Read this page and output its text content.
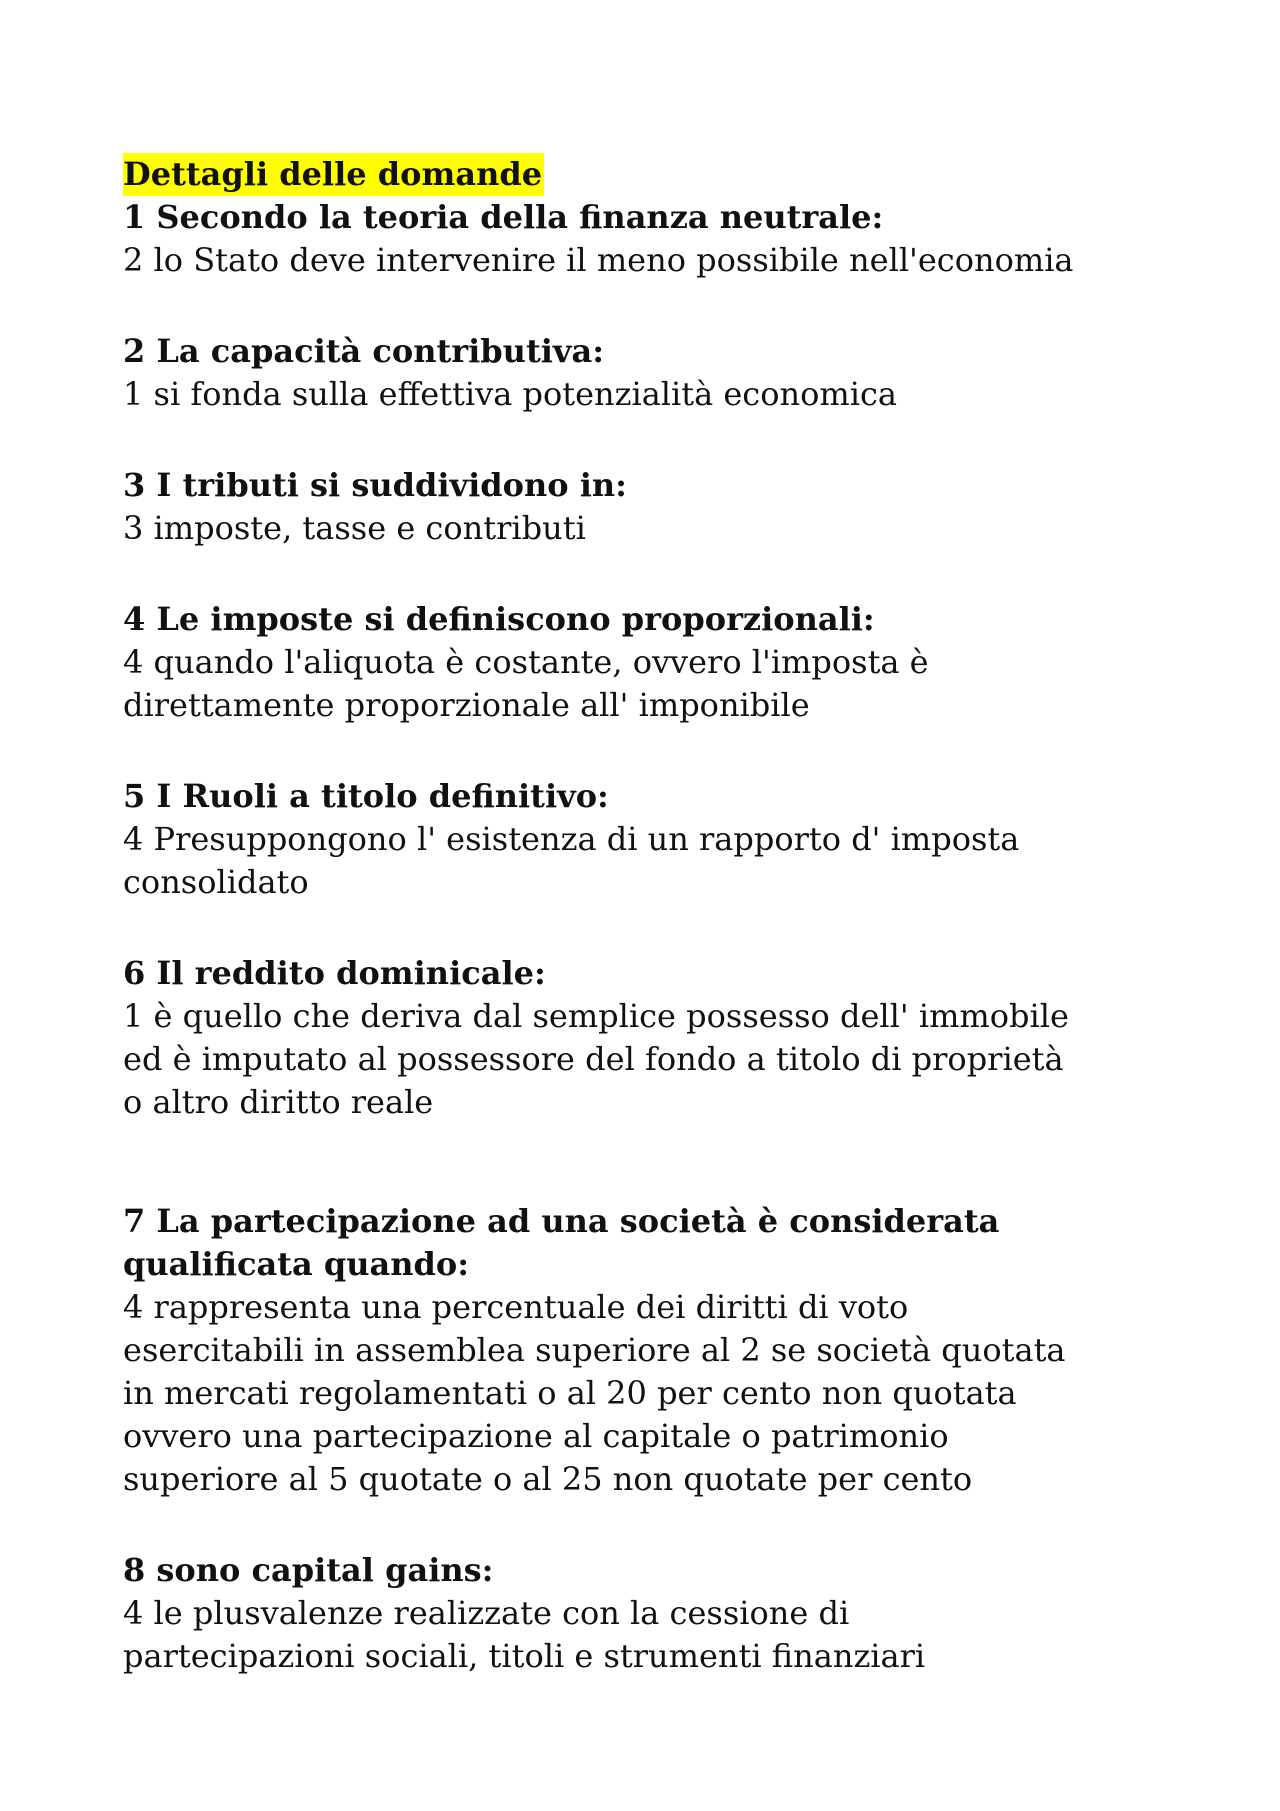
Dettagli delle domande
1 Secondo la teoria della finanza neutrale:
2 lo Stato deve intervenire il meno possibile nell'economia
2 La capacità contributiva:
1 si fonda sulla effettiva potenzialità economica
3 I tributi si suddividono in:
3 imposte, tasse e contributi
4 Le imposte si definiscono proporzionali:
4 quando l'aliquota è costante, ovvero l'imposta è
direttamente proporzionale all' imponibile
5 I Ruoli a titolo definitivo:
4 Presuppongono l' esistenza di un rapporto d' imposta
consolidato
6 Il reddito dominicale:
1 è quello che deriva dal semplice possesso dell' immobile
ed è imputato al possessore del fondo a titolo di proprietà
o altro diritto reale
7 La partecipazione ad una società è considerata
qualificata quando:
4 rappresenta una percentuale dei diritti di voto
esercitabili in assemblea superiore al 2 se società quotata
in mercati regolamentati o al 20 per cento non quotata
ovvero una partecipazione al capitale o patrimonio
superiore al 5 quotate o al 25 non quotate per cento
8 sono capital gains:
4 le plusvalenze realizzate con la cessione di
partecipazioni sociali, titoli e strumenti finanziari
